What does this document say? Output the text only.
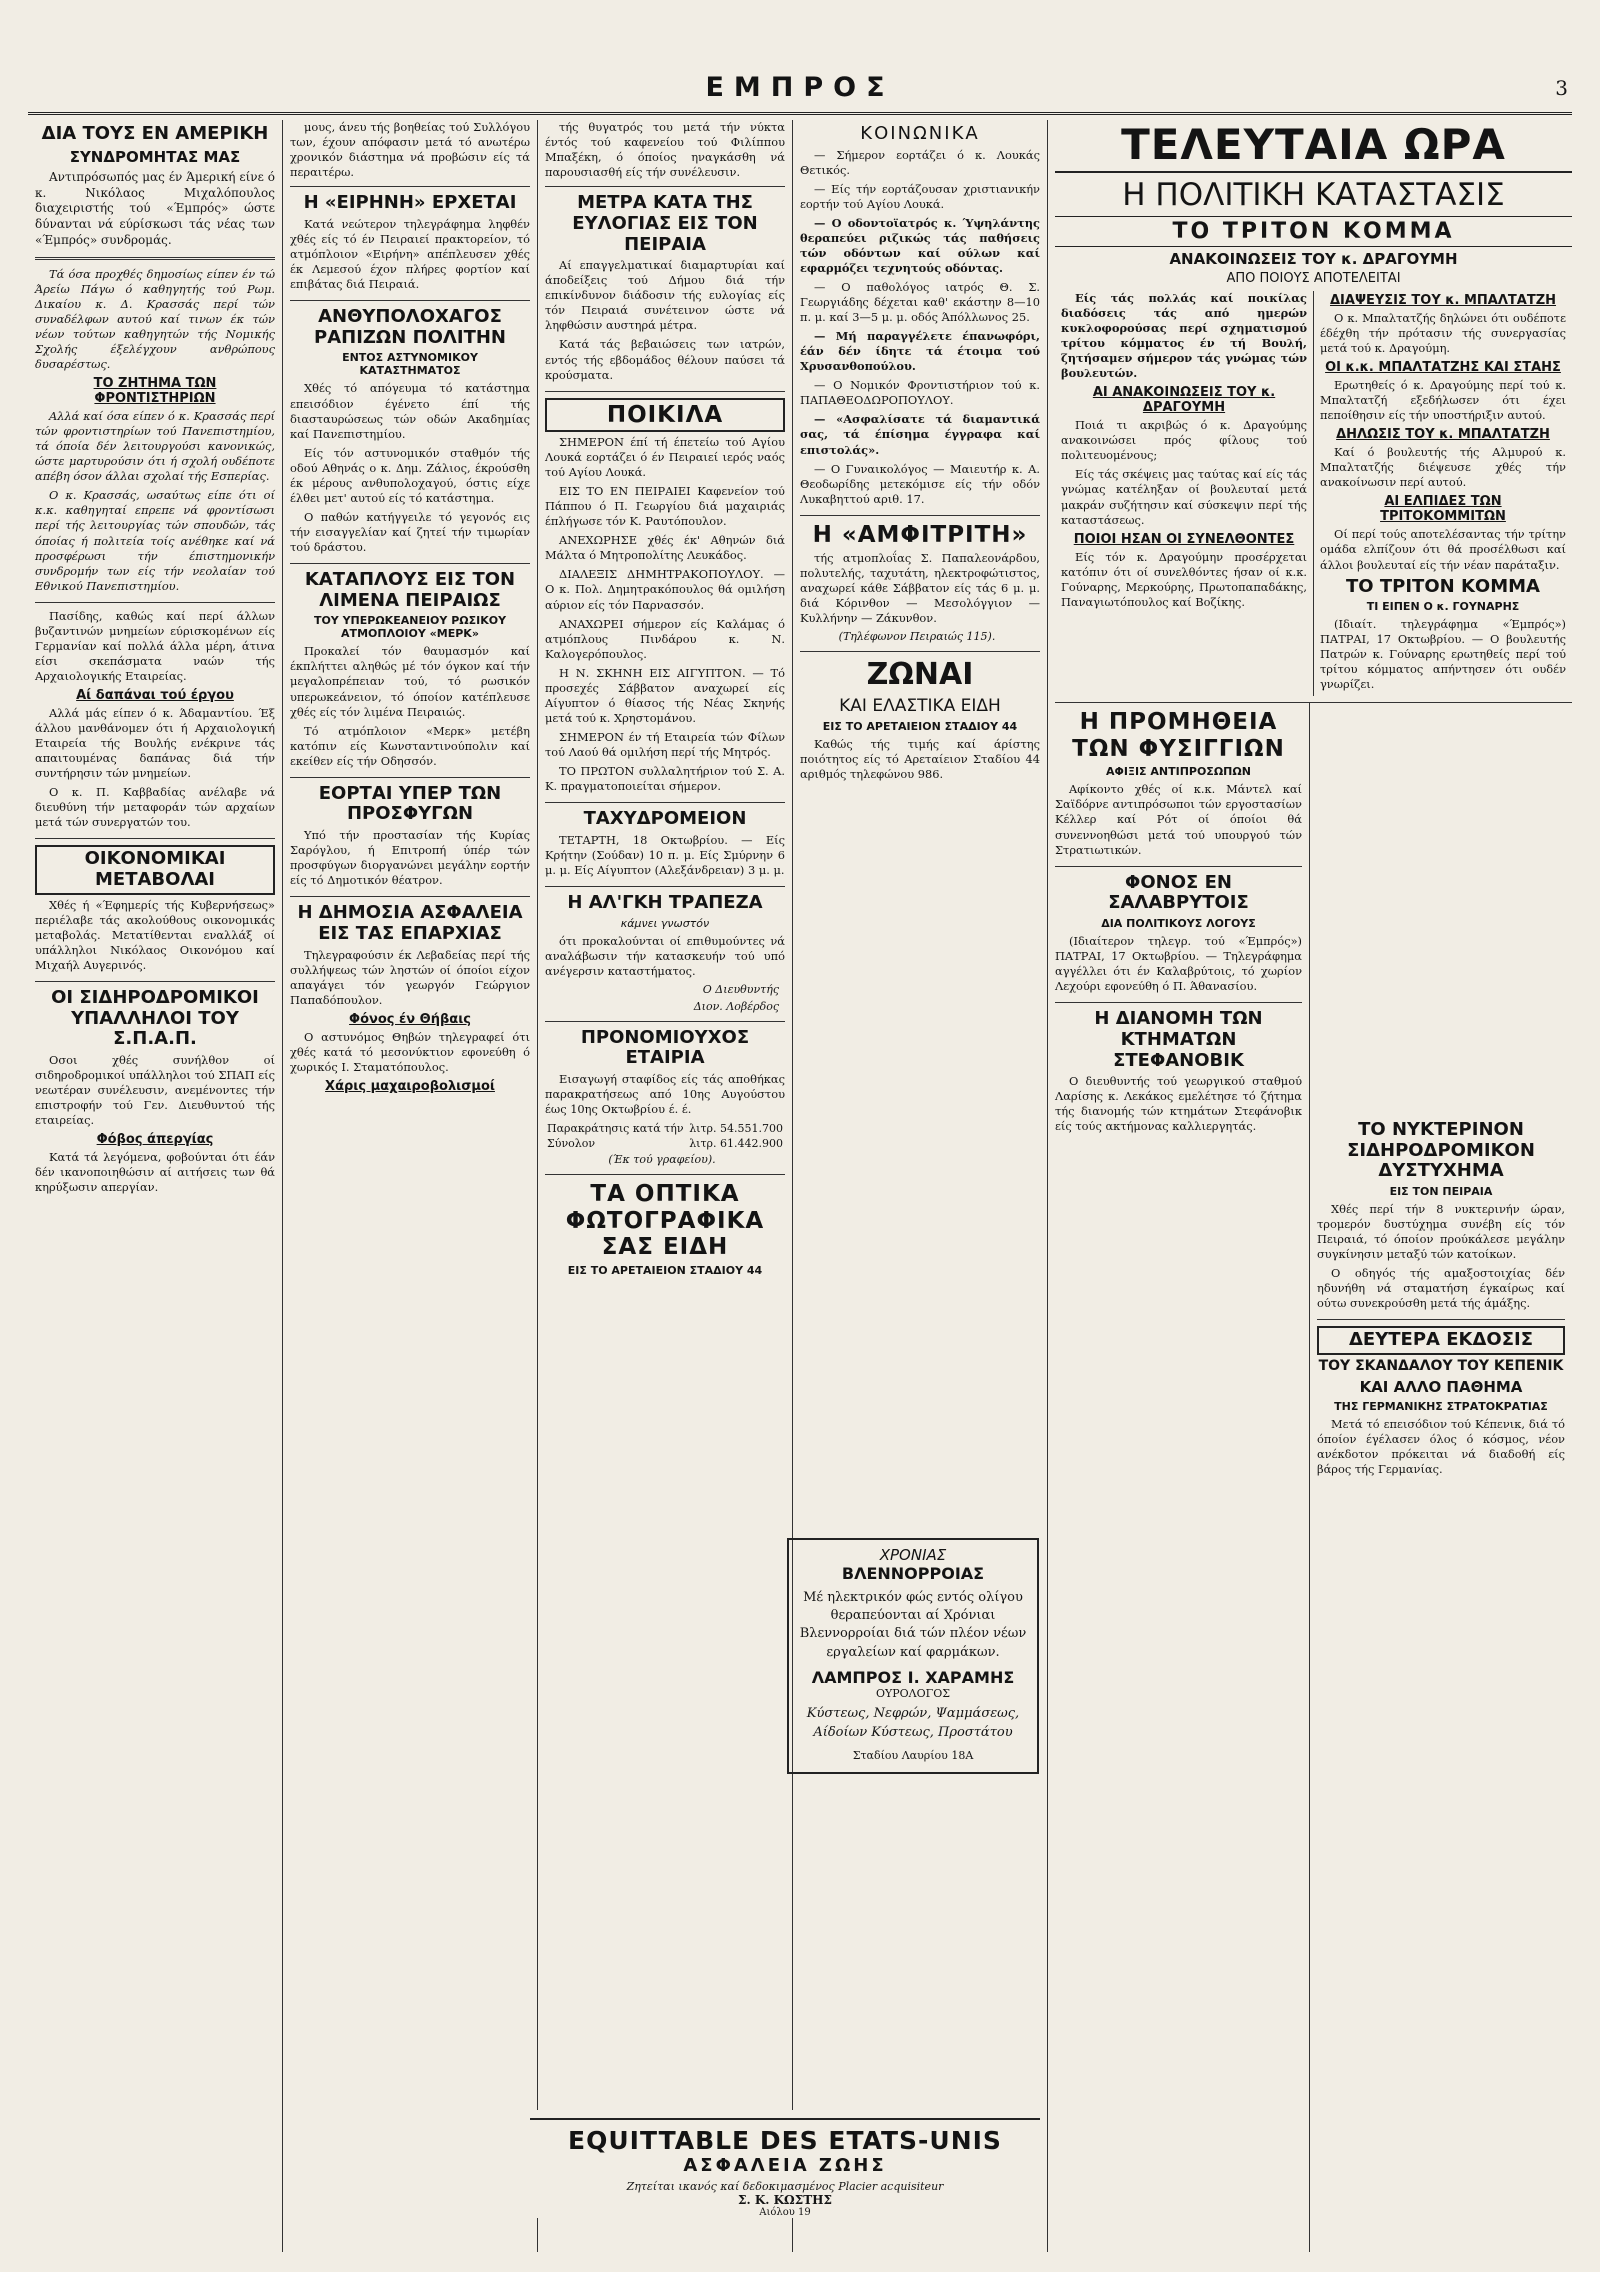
ΕΜΠΡΟΣ	3
ΔΙΑ ΤΟΥΣ ΕΝ ΑΜΕΡΙΚΗ
ΣΥΝΔΡΟΜΗΤΑΣ ΜΑΣ

Αντιπρόσωπός μας έν Άμερική είνε ό κ. Νικόλαος Μιχαλόπουλος διαχειριστής τού «Έμπρός» ώστε δύνανται νά εύρίσκωσι τάς νέας των «Έμπρός» συνδρομάς.

Τά όσα προχθές δημοσίως είπεν έν τώ Άρείω Πάγω ό καθηγητής τού Ρωμ. Δικαίου κ. Δ. Κρασσάς περί τών συναδέλφων αυτού καί τινων έκ τών νέων τούτων καθηγητών τής Νομικής Σχολής έξελέγχουν ανθρώπους δυσαρέστως.

ΤΟ ΖΗΤΗΜΑ ΤΩΝ ΦΡΟΝΤΙΣΤΗΡΙΩΝ

Αλλά καί όσα είπεν ό κ. Κρασσάς περί τών φροντιστηρίων τού Πανεπιστημίου, τά όποία δέν λειτουργούσι κανονικώς, ώστε μαρτυρούσιν ότι ή σχολή ουδέποτε απέβη όσον άλλαι σχολαί τής Εσπερίας.

Ο κ. Κρασσάς, ωσαύτως είπε ότι οί κ.κ. καθηγηταί επρεπε νά φροντίσωσι περί τής λειτουργίας τών σπουδών, τάς όποίας ή πολιτεία τοίς ανέθηκε καί νά προσφέρωσι τήν έπιστημονικήν συνδρομήν των είς τήν νεολαίαν τού Εθνικού Πανεπιστημίου.

Πασίδης, καθώς καί περί άλλων βυζαντινών μνημείων εύρισκομένων είς Γερμανίαν καί πολλά άλλα μέρη, άτινα είσι σκεπάσματα ναών τής Αρχαιολογικής Εταιρείας.

Αί δαπάναι τού έργου

Αλλά μάς είπεν ό κ. Άδαμαντίου. Έξ άλλου μανθάνομεν ότι ή Αρχαιολογική Εταιρεία τής Βουλής ενέκρινε τάς απαιτουμένας δαπάνας διά τήν συντήρησιν τών μνημείων.

Ο κ. Π. Καββαδίας ανέλαβε νά διευθύνη τήν μεταφοράν τών αρχαίων μετά τών συνεργατών του.

ΟΙΚΟΝΟΜΙΚΑΙ ΜΕΤΑΒΟΛΑΙ

Χθές ή «Έφημερίς τής Κυβερνήσεως» περιέλαβε τάς ακολούθους οικονομικάς μεταβολάς. Μετατίθενται εναλλάξ οί υπάλληλοι Νικόλαος Οικονόμου καί Μιχαήλ Αυγερινός.

ΟΙ ΣΙΔΗΡΟΔΡΟΜΙΚΟΙ ΥΠΑΛΛΗΛΟΙ ΤΟΥ Σ.Π.Α.Π.

Οσοι χθές συνήλθον οί σιδηροδρομικοί υπάλληλοι τού ΣΠΑΠ είς νεωτέραν συνέλευσιν, ανεμένοντες τήν επιστροφήν τού Γεν. Διευθυντού τής εταιρείας.

Φόβος άπεργίας

Κατά τά λεγόμενα, φοβούνται ότι έάν δέν ικανοποιηθώσιν αί αιτήσεις των θά κηρύξωσιν απεργίαν.

μους, άνευ τής βοηθείας τού Συλλόγου των, έχουν απόφασιν μετά τό ανωτέρω χρονικόν διάστημα νά προβώσιν είς τά περαιτέρω.

Η «ΕΙΡΗΝΗ» ΕΡΧΕΤΑΙ

Κατά νεώτερον τηλεγράφημα ληφθέν χθές είς τό έν Πειραιεί πρακτορείον, τό ατμόπλοιον «Ειρήνη» απέπλευσεν χθές έκ Λεμεσού έχον πλήρες φορτίον καί επιβάτας διά Πειραιά.

ΑΝΘΥΠΟΛΟΧΑΓΟΣ ΡΑΠΙΖΩΝ ΠΟΛΙΤΗΝ
ΕΝΤΟΣ ΑΣΤΥΝΟΜΙΚΟΥ ΚΑΤΑΣΤΗΜΑΤΟΣ

Χθές τό απόγευμα τό κατάστημα επεισόδιον έγένετο έπί τής διασταυρώσεως τών οδών Ακαδημίας καί Πανεπιστημίου.

Είς τόν αστυνομικόν σταθμόν τής οδού Αθηνάς ο κ. Δημ. Ζάλιος, έκρούσθη έκ μέρους ανθυπολοχαγού, όστις είχε έλθει μετ' αυτού είς τό κατάστημα.

Ο παθών κατήγγειλε τό γεγονός εις τήν εισαγγελίαν καί ζητεί τήν τιμωρίαν τού δράστου.

ΚΑΤΑΠΛΟΥΣ ΕΙΣ ΤΟΝ ΛΙΜΕΝΑ ΠΕΙΡΑΙΩΣ
ΤΟΥ ΥΠΕΡΩΚΕΑΝΕΙΟΥ ΡΩΣΙΚΟΥ ΑΤΜΟΠΛΟΙΟΥ «ΜΕΡΚ»

Προκαλεί τόν θαυμασμόν καί έκπλήττει αληθώς μέ τόν όγκον καί τήν μεγαλοπρέπειαν τού, τό ρωσικόν υπερωκεάνειον, τό όποίον κατέπλευσε χθές είς τόν λιμένα Πειραιώς.

Τό ατμόπλοιον «Μερκ» μετέβη κατόπιν είς Κωνσταντινούπολιν καί εκείθεν είς τήν Οδησσόν.

ΕΟΡΤΑΙ ΥΠΕΡ ΤΩΝ ΠΡΟΣΦΥΓΩΝ

Υπό τήν προστασίαν τής Κυρίας Σαρόγλου, ή Επιτροπή ύπέρ τών προσφύγων διοργανώνει μεγάλην εορτήν είς τό Δημοτικόν θέατρον.

Η ΔΗΜΟΣΙΑ ΑΣΦΑΛΕΙΑ ΕΙΣ ΤΑΣ ΕΠΑΡΧΙΑΣ

Τηλεγραφούσιν έκ Λεβαδείας περί τής συλλήψεως τών ληστών οί όποίοι είχον απαγάγει τόν γεωργόν Γεώργιον Παπαδόπουλον.

Φόνος έν Θήβαις

Ο αστυνόμος Θηβών τηλεγραφεί ότι χθές κατά τό μεσονύκτιον εφονεύθη ό χωρικός Ι. Σταματόπουλος.

Χάρις μαχαιροβολισμοί

τής θυγατρός του μετά τήν νύκτα έντός τού καφενείου τού Φιλίππου Μπαξέκη, ό όποίος ηναγκάσθη νά παρουσιασθή είς τήν συνέλευσιν.

ΜΕΤΡΑ ΚΑΤΑ ΤΗΣ ΕΥΛΟΓΙΑΣ ΕΙΣ ΤΟΝ ΠΕΙΡΑΙΑ

Αί επαγγελματικαί διαμαρτυρίαι καί άποδείξεις τού Δήμου διά τήν επικίνδυνον διάδοσιν τής ευλογίας είς τόν Πειραιά συνέτεινον ώστε νά ληφθώσιν αυστηρά μέτρα.

Κατά τάς βεβαιώσεις των ιατρών, εντός τής εβδομάδος θέλουν παύσει τά κρούσματα.

ΠΟΙΚΙΛΑ

ΣΗΜΕΡΟΝ έπί τή έπετείω τού Αγίου Λουκά εορτάζει ό έν Πειραιεί ιερός ναός τού Αγίου Λουκά.

ΕΙΣ ΤΟ ΕΝ ΠΕΙΡΑΙΕΙ Καφενείον τού Πάππου ό Π. Γεωργίου διά μαχαιριάς έπλήγωσε τόν Κ. Ραυτόπουλον.

ΑΝΕΧΩΡΗΣΕ χθές έκ' Αθηνών διά Μάλτα ό Μητροπολίτης Λευκάδος.

ΔΙΑΛΕΞΙΣ ΔΗΜΗΤΡΑΚΟΠΟΥΛΟΥ. — Ο κ. Πολ. Δημητρακόπουλος θά ομιλήση αύριον είς τόν Παρνασσόν.

ΑΝΑΧΩΡΕΙ σήμερον είς Καλάμας ό ατμόπλους Πινδάρου κ. Ν. Καλογερόπουλος.

Η Ν. ΣΚΗΝΗ ΕΙΣ ΑΙΓΥΠΤΟΝ. — Τό προσεχές Σάββατον αναχωρεί είς Αίγυπτον ό θίασος τής Νέας Σκηνής μετά τού κ. Χρηστομάνου.

ΣΗΜΕΡΟΝ έν τή Εταιρεία τών Φίλων τού Λαού θά ομιλήση περί τής Μητρός.

ΤΟ ΠΡΩΤΟΝ συλλαλητήριον τού Σ. Α. Κ. πραγματοποιείται σήμερον.

ΤΑΧΥΔΡΟΜΕΙΟΝ

ΤΕΤΑΡΤΗ, 18 Οκτωβρίου. — Είς Κρήτην (Σούδαν) 10 π. μ. Είς Σμύρνην 6 μ. μ. Είς Αίγυπτον (Αλεξάνδρειαν) 3 μ. μ.

Η ΑΛ'ΓΚΗ ΤΡΑΠΕΖΑ
κάμνει γνωστόν

ότι προκαλούνται οί επιθυμούντες νά αναλάβωσιν τήν κατασκευήν τού υπό ανέγερσιν καταστήματος.

Ο Διευθυντής
Διον. Λοβέρδος
ΠΡΟΝΟΜΙΟΥΧΟΣ ΕΤΑΙΡΙΑ

Εισαγωγή σταφίδος είς τάς αποθήκας παρακρατήσεως από 10ης Αυγούστου έως 10ης Οκτωβρίου έ. έ.

Παρακράτησις κατά τήν	λιτρ. 54.551.700
Σύνολον	λιτρ. 61.442.900
(Έκ τού γραφείου).
ΤΑ ΟΠΤΙΚΑ ΦΩΤΟΓΡΑΦΙΚΑ ΣΑΣ ΕΙΔΗ
ΕΙΣ ΤΟ ΑΡΕΤΑΙΕΙΟΝ ΣΤΑΔΙΟΥ 44
ΚΟΙΝΩΝΙΚΑ

— Σήμερον εορτάζει ό κ. Λουκάς Θετικός.

— Είς τήν εορτάζουσαν χριστιανικήν εορτήν τού Αγίου Λουκά.

— Ο οδοντοϊατρός κ. Ύψηλάντης θεραπεύει ριζικώς τάς παθήσεις τών οδόντων καί ούλων καί εφαρμόζει τεχνητούς οδόντας.

— Ο παθολόγος ιατρός Θ. Σ. Γεωργιάδης δέχεται καθ' εκάστην 8—10 π. μ. καί 3—5 μ. μ. οδός Άπόλλωνος 25.

— Μή παραγγέλετε έπανωφόρι, έάν δέν ίδητε τά έτοιμα τού Χρυσανθοπούλου.

— Ο Νομικόν Φροντιστήριον τού κ. ΠΑΠΑΘΕΟΔΩΡΟΠΟΥΛΟΥ.

— «Ασφαλίσατε τά διαμαντικά σας, τά έπίσημα έγγραφα καί επιστολάς».

— Ο Γυναικολόγος — Μαιευτήρ κ. Α. Θεοδωρίδης μετεκόμισε είς τήν οδόν Λυκαβηττού αριθ. 17.

Η «ΑΜΦΙΤΡΙΤΗ»

τής ατμοπλοΐας Σ. Παπαλεονάρδου, πολυτελής, ταχυτάτη, ηλεκτροφώτιστος, αναχωρεί κάθε Σάββατον είς τάς 6 μ. μ. διά Κόρινθον — Μεσολόγγιον — Κυλλήνην — Ζάκυνθον.

(Τηλέφωνον Πειραιώς 115).
ΖΩΝΑΙ
ΚΑΙ ΕΛΑΣΤΙΚΑ ΕΙΔΗ
ΕΙΣ ΤΟ ΑΡΕΤΑΙΕΙΟΝ ΣΤΑΔΙΟΥ 44

Καθώς τής τιμής καί άρίστης ποιότητος είς τό Αρεταίειον Σταδίου 44 αριθμός τηλεφώνου 986.

ΤΕΛΕΥΤΑΙΑ ΩΡΑ
Η ΠΟΛΙΤΙΚΗ ΚΑΤΑΣΤΑΣΙΣ
ΤΟ ΤΡΙΤΟΝ ΚΟΜΜΑ
ΑΝΑΚΟΙΝΩΣΕΙΣ ΤΟΥ κ. ΔΡΑΓΟΥΜΗ
ΑΠΟ ΠΟΙΟΥΣ ΑΠΟΤΕΛΕΙΤΑΙ

Είς τάς πολλάς καί ποικίλας διαδόσεις τάς από ημερών κυκλοφορούσας περί σχηματισμού τρίτου κόμματος έν τή Βουλή, ζητήσαμεν σήμερον τάς γνώμας τών βουλευτών.

ΑΙ ΑΝΑΚΟΙΝΩΣΕΙΣ ΤΟΥ κ. ΔΡΑΓΟΥΜΗ

Ποιά τι ακριβώς ό κ. Δραγούμης ανακοινώσει πρός φίλους τού πολιτευομένους;

Είς τάς σκέψεις μας ταύτας καί είς τάς γνώμας κατέληξαν οί βουλευταί μετά μακράν συζήτησιν καί σύσκεψιν περί τής καταστάσεως.

ΠΟΙΟΙ ΗΣΑΝ ΟΙ ΣΥΝΕΛΘΟΝΤΕΣ

Είς τόν κ. Δραγούμην προσέρχεται κατόπιν ότι οί συνελθόντες ήσαν οί κ.κ. Γούναρης, Μερκούρης, Πρωτοπαπαδάκης, Παναγιωτόπουλος καί Βοζίκης.

ΔΙΑΨΕΥΣΙΣ ΤΟΥ κ. ΜΠΑΛΤΑΤΖΗ

Ο κ. Μπαλτατζής δηλώνει ότι ουδέποτε έδέχθη τήν πρότασιν τής συνεργασίας μετά τού κ. Δραγούμη.

ΟΙ κ.κ. ΜΠΑΛΤΑΤΖΗΣ ΚΑΙ ΣΤΑΗΣ

Ερωτηθείς ό κ. Δραγούμης περί τού κ. Μπαλτατζή εξεδήλωσεν ότι έχει πεποίθησιν είς τήν υποστήριξιν αυτού.

ΔΗΛΩΣΙΣ ΤΟΥ κ. ΜΠΑΛΤΑΤΖΗ

Καί ό βουλευτής τής Αλμυρού κ. Μπαλτατζής διέψευσε χθές τήν ανακοίνωσιν περί αυτού.

ΑΙ ΕΛΠΙΔΕΣ ΤΩΝ ΤΡΙΤΟΚΟΜΜΙΤΩΝ

Οί περί τούς αποτελέσαντας τήν τρίτην ομάδα ελπίζουν ότι θά προσέλθωσι καί άλλοι βουλευταί είς τήν νέαν παράταξιν.

ΤΟ ΤΡΙΤΟΝ ΚΟΜΜΑ
ΤΙ ΕΙΠΕΝ Ο κ. ΓΟΥΝΑΡΗΣ

(Ιδιαίτ. τηλεγράφημα «Έμπρός») ΠΑΤΡΑΙ, 17 Οκτωβρίου. — Ο βουλευτής Πατρών κ. Γούναρης ερωτηθείς περί τού τρίτου κόμματος απήντησεν ότι ουδέν γνωρίζει.

Η ΠΡΟΜΗΘΕΙΑ ΤΩΝ ΦΥΣΙΓΓΙΩΝ
ΑΦΙΞΙΣ ΑΝΤΙΠΡΟΣΩΠΩΝ

Αφίκοντο χθές οί κ.κ. Μάντελ καί Σαϊδόρνε αντιπρόσωποι τών εργοστασίων Κέλλερ καί Ρότ οί όποίοι θά συνεννοηθώσι μετά τού υπουργού τών Στρατιωτικών.

ΦΟΝΟΣ ΕΝ ΣΑΛΑΒΡΥΤΟΙΣ
ΔΙΑ ΠΟΛΙΤΙΚΟΥΣ ΛΟΓΟΥΣ

(Ιδιαίτερον τηλεγρ. τού «Έμπρός») ΠΑΤΡΑΙ, 17 Οκτωβρίου. — Τηλεγράφημα αγγέλλει ότι έν Καλαβρύτοις, τό χωρίον Λεχούρι εφονεύθη ό Π. Άθανασίου.

Η ΔΙΑΝΟΜΗ ΤΩΝ ΚΤΗΜΑΤΩΝ ΣΤΕΦΑΝΟΒΙΚ

Ο διευθυντής τού γεωργικού σταθμού Λαρίσης κ. Λεκάκος εμελέτησε τό ζήτημα τής διανομής τών κτημάτων Στεφάνοβικ είς τούς ακτήμονας καλλιεργητάς.	ΤΟ ΝΥΚΤΕΡΙΝΟΝ ΣΙΔΗΡΟΔΡΟΜΙΚΟΝ ΔΥΣΤΥΧΗΜΑ
ΕΙΣ ΤΟΝ ΠΕΙΡΑΙΑ

Χθές περί τήν 8 νυκτερινήν ώραν, τρομερόν δυστύχημα συνέβη είς τόν Πειραιά, τό όποίον προύκάλεσε μεγάλην συγκίνησιν μεταξύ τών κατοίκων.

Ο οδηγός τής αμαξοστοιχίας δέν ηδυνήθη νά σταματήση έγκαίρως καί ούτω συνεκρούσθη μετά τής άμάξης.

ΔΕΥΤΕΡΑ ΕΚΔΟΣΙΣ
ΤΟΥ ΣΚΑΝΔΑΛΟΥ ΤΟΥ ΚΕΠΕΝΙΚ
ΚΑΙ ΑΛΛΟ ΠΑΘΗΜΑ
ΤΗΣ ΓΕΡΜΑΝΙΚΗΣ ΣΤΡΑΤΟΚΡΑΤΙΑΣ

Μετά τό επεισόδιον τού Κέπενικ, διά τό όποίον έγέλασεν όλος ό κόσμος, νέον ανέκδοτον πρόκειται νά διαδοθή είς βάρος τής Γερμανίας.

ΧΡΟΝΙΑΣ
ΒΛΕΝΝΟΡΡΟΙΑΣ
Μέ ηλεκτρικόν φώς εντός ολίγου θεραπεύονται αί Χρόνιαι Βλεννορροίαι διά τών πλέον νέων εργαλείων καί φαρμάκων.
ΛΑΜΠΡΟΣ Ι. ΧΑΡΑΜΗΣ
ΟΥΡΟΛΟΓΟΣ
Κύστεως, Νεφρών, Ψαμμάσεως, Αίδοίων Κύστεως, Προστάτου
Σταδίου Λαυρίου 18Α
EQUITTABLE DES ETATS-UNIS
ΑΣΦΑΛΕΙΑ ΖΩΗΣ
Ζητείται ικανός καί δεδοκιμασμένος Placier acquisiteur
Σ. Κ. ΚΩΣΤΗΣ
Αιόλου 19
